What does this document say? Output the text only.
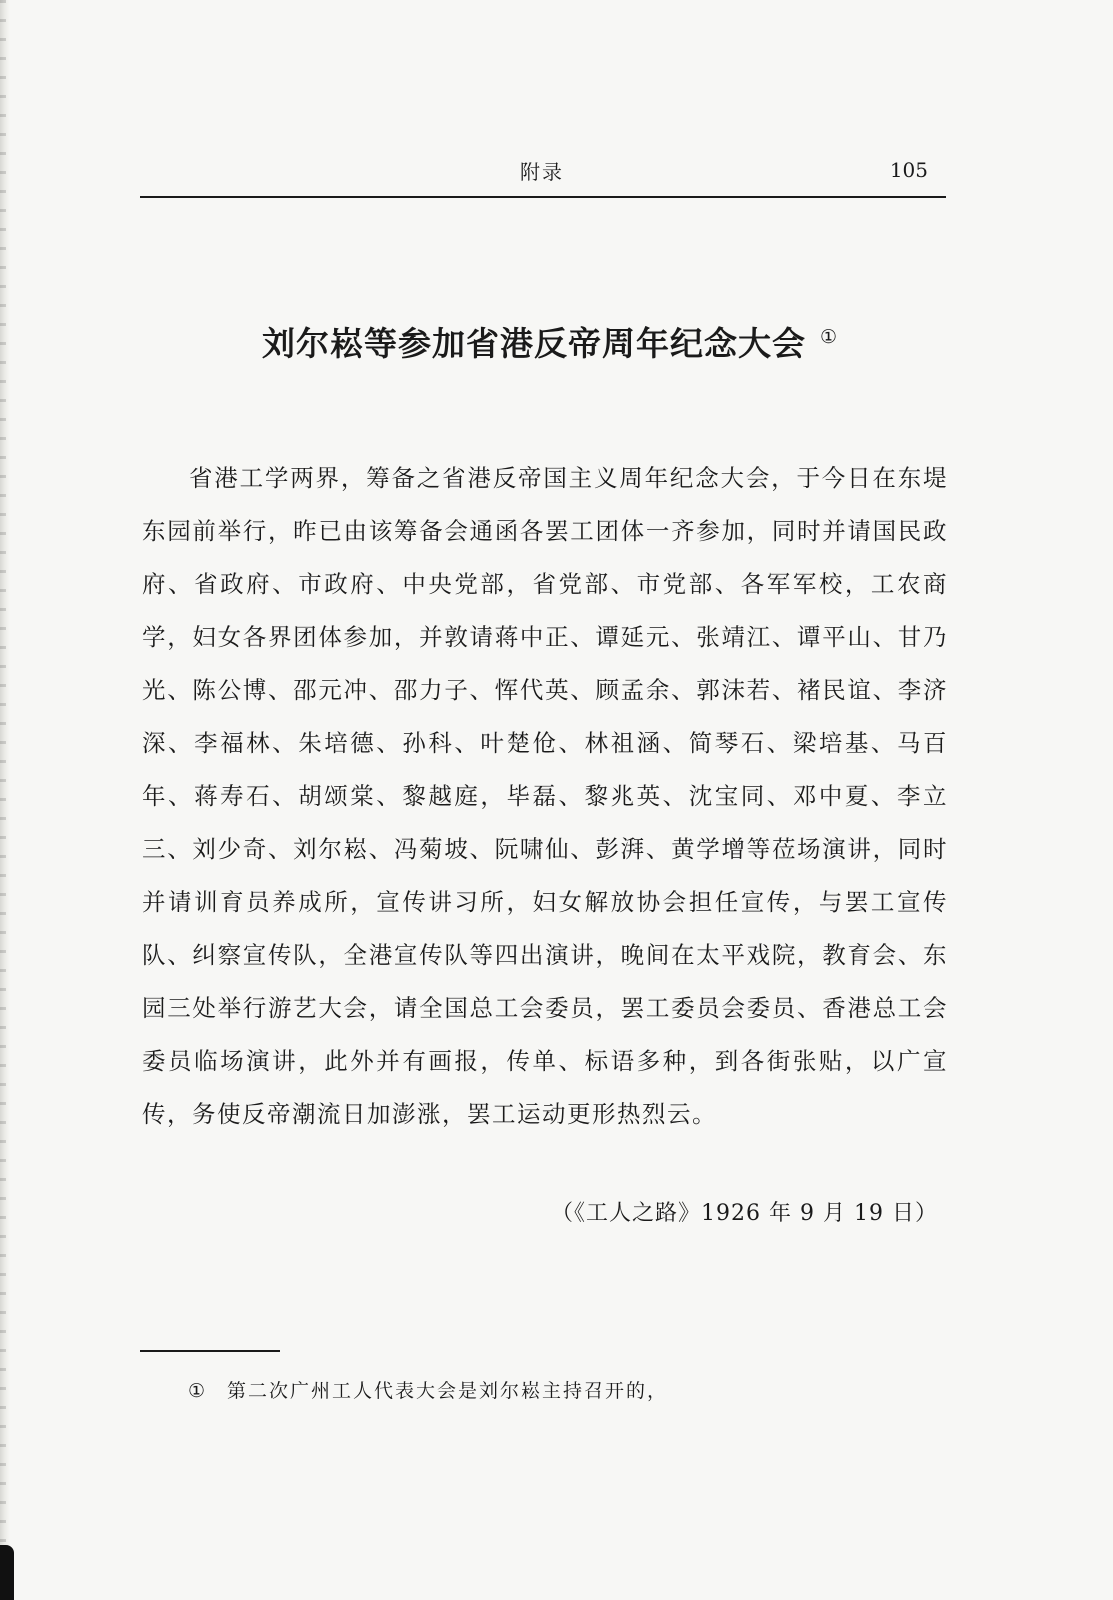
附录	105
刘尔崧等参加省港反帝周年纪念大会 ①

省港工学两界，筹备之省港反帝国主义周年纪念大会，于今日在东堤东园前举行，昨已由该筹备会通函各罢工团体一齐参加，同时并请国民政府、省政府、市政府、中央党部，省党部、市党部、各军军校，工农商学，妇女各界团体参加，并敦请蒋中正、谭延元、张靖江、谭平山、甘乃光、陈公博、邵元冲、邵力子、恽代英、顾孟余、郭沫若、褚民谊、李济深、李福林、朱培德、孙科、叶楚伧、林祖涵、简琴石、梁培基、马百年、蒋寿石、胡颂棠、黎越庭，毕磊、黎兆英、沈宝同、邓中夏、李立三、刘少奇、刘尔崧、冯菊坡、阮啸仙、彭湃、黄学增等莅场演讲，同时并请训育员养成所，宣传讲习所，妇女解放协会担任宣传，与罢工宣传队、纠察宣传队，全港宣传队等四出演讲，晚间在太平戏院，教育会、东园三处举行游艺大会，请全国总工会委员，罢工委员会委员、香港总工会委员临场演讲，此外并有画报，传单、标语多种，到各街张贴，以广宣传，务使反帝潮流日加澎涨，罢工运动更形热烈云。

（《工人之路》1926 年 9 月 19 日）
① 第二次广州工人代表大会是刘尔崧主持召开的，
